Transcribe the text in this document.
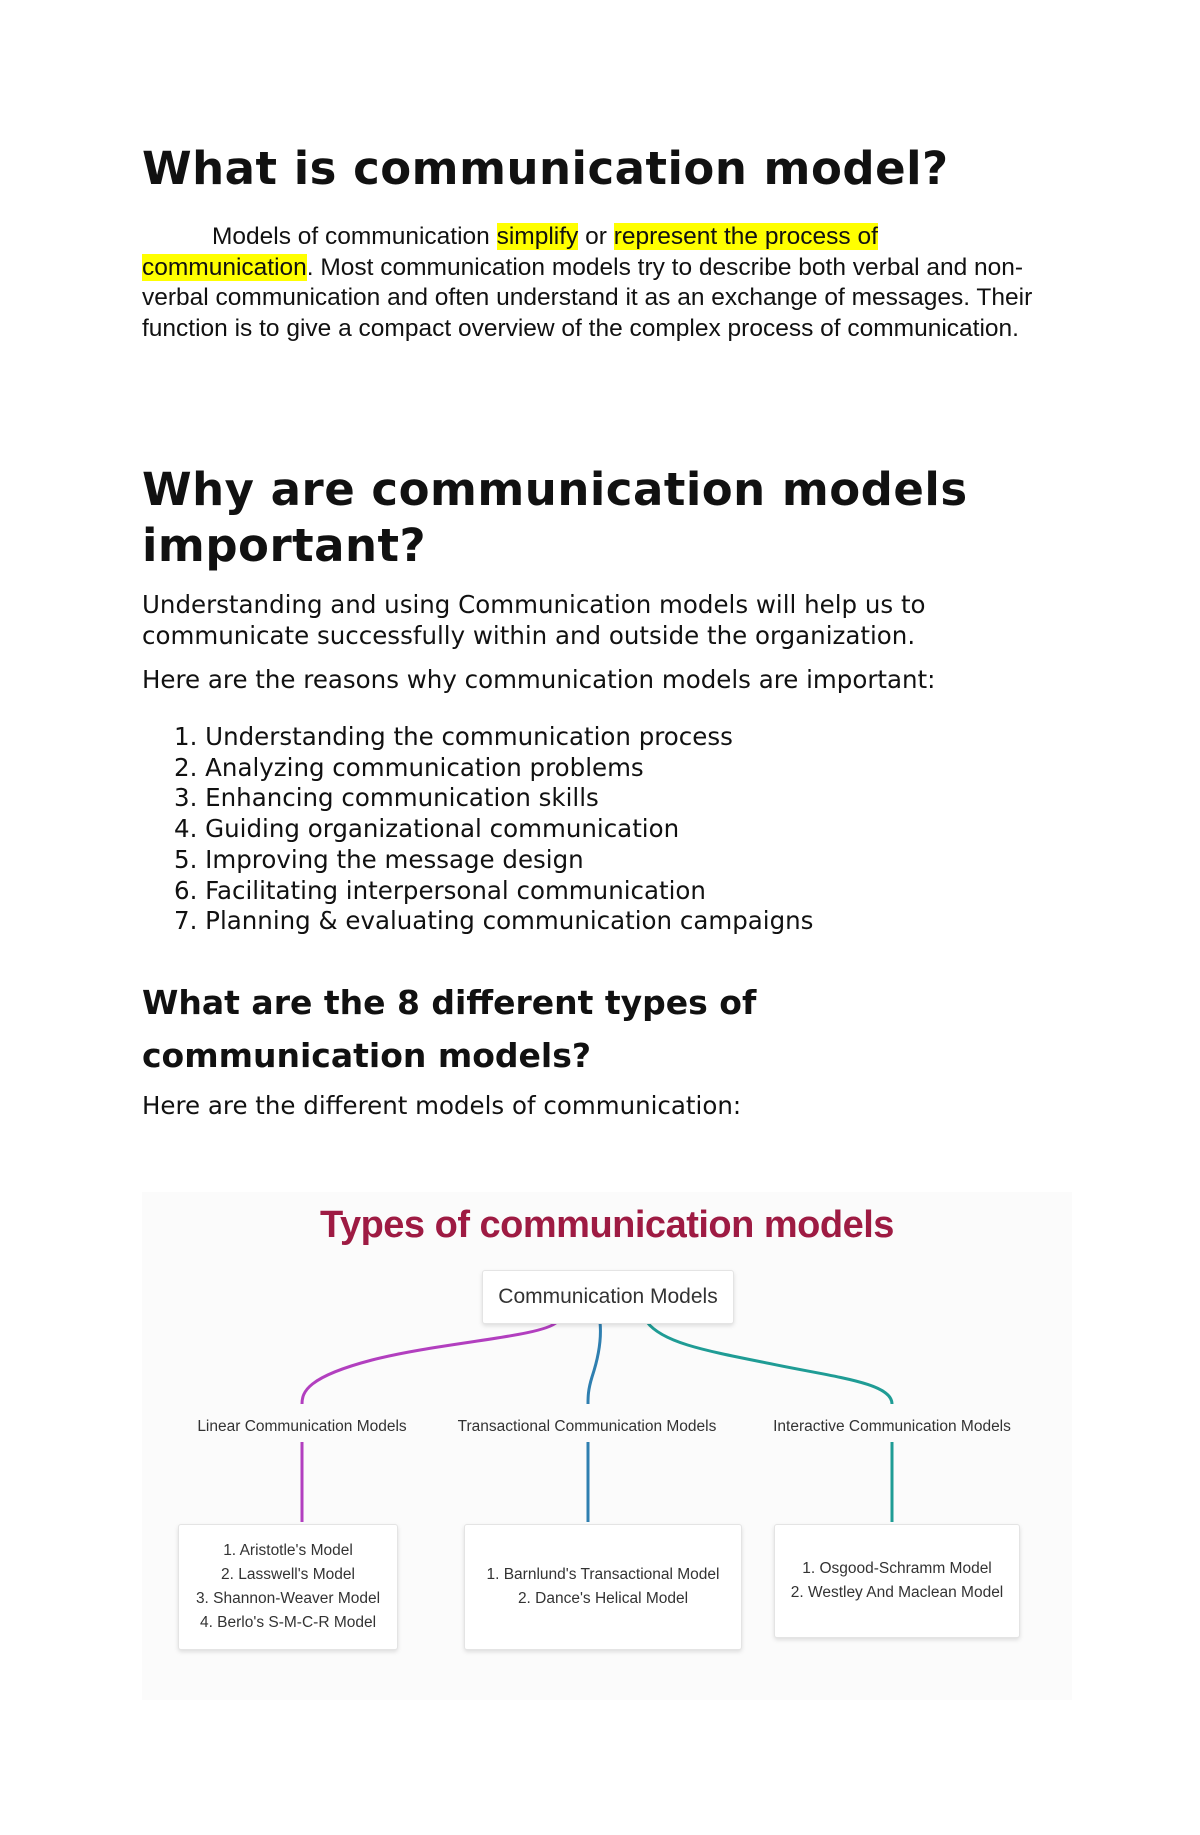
What is communication model?

Models of communication simplify or represent the process of communication. Most communication models try to describe both verbal and non-verbal communication and often understand it as an exchange of messages. Their function is to give a compact overview of the complex process of communication.

Why are communication models important?

Understanding and using Communication models will help us to communicate successfully within and outside the organization.

Here are the reasons why communication models are important:

1. Understanding the communication process
2. Analyzing communication problems
3. Enhancing communication skills
4. Guiding organizational communication
5. Improving the message design
6. Facilitating interpersonal communication
7. Planning & evaluating communication campaigns
What are the 8 different types of communication models?

Here are the different models of communication:

Types of communication models
Communication Models
Linear Communication Models	Transactional Communication Models	Interactive Communication Models
1. Aristotle's Model
2. Lasswell's Model
3. Shannon-Weaver Model
4. Berlo's S-M-C-R Model
1. Barnlund's Transactional Model
2. Dance's Helical Model
1. Osgood-Schramm Model
2. Westley And Maclean Model
